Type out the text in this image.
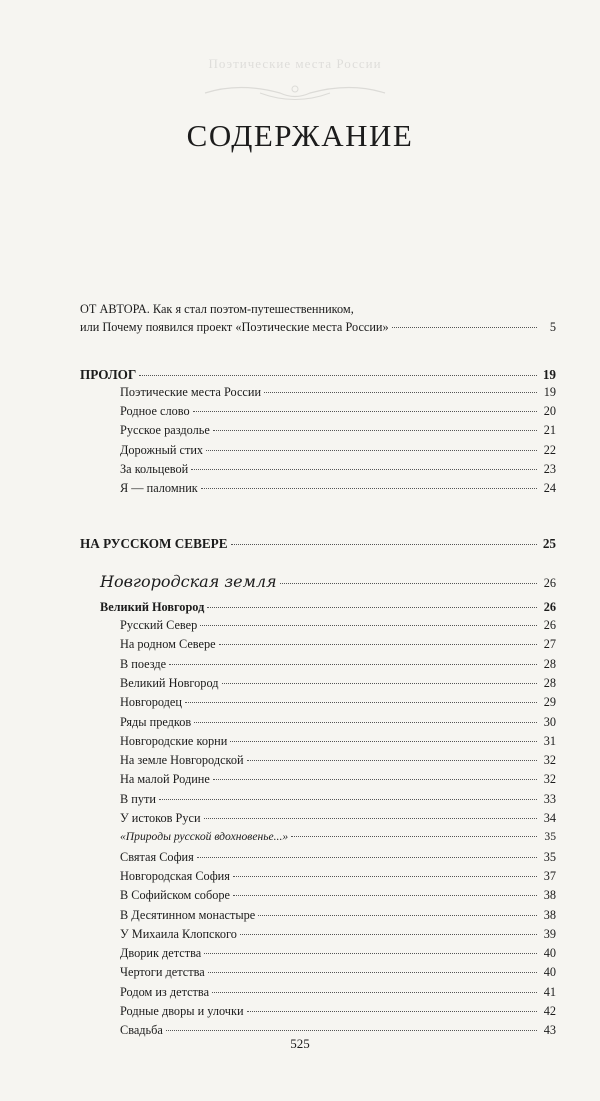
Поэтические места России
СОДЕРЖАНИЕ
ОТ АВТОРА. Как я стал поэтом-путешественником,
или Почему появился проект «Поэтические места России»	5
ПРОЛОГ	19
Поэтические места России	19
Родное слово	20
Русское раздолье	21
Дорожный стих	22
За кольцевой	23
Я — паломник	24
НА РУССКОМ СЕВЕРЕ	25
Новгородская земля	26
Великий Новгород	26
Русский Север	26
На родном Севере	27
В поезде	28
Великий Новгород	28
Новгородец	29
Ряды предков	30
Новгородские корни	31
На земле Новгородской	32
На малой Родине	32
В пути	33
У истоков Руси	34
«Природы русской вдохновенье...»	35
Святая София	35
Новгородская София	37
В Софийском соборе	38
В Десятинном монастыре	38
У Михаила Клопского	39
Дворик детства	40
Чертоги детства	40
Родом из детства	41
Родные дворы и улочки	42
Свадьба	43
525
